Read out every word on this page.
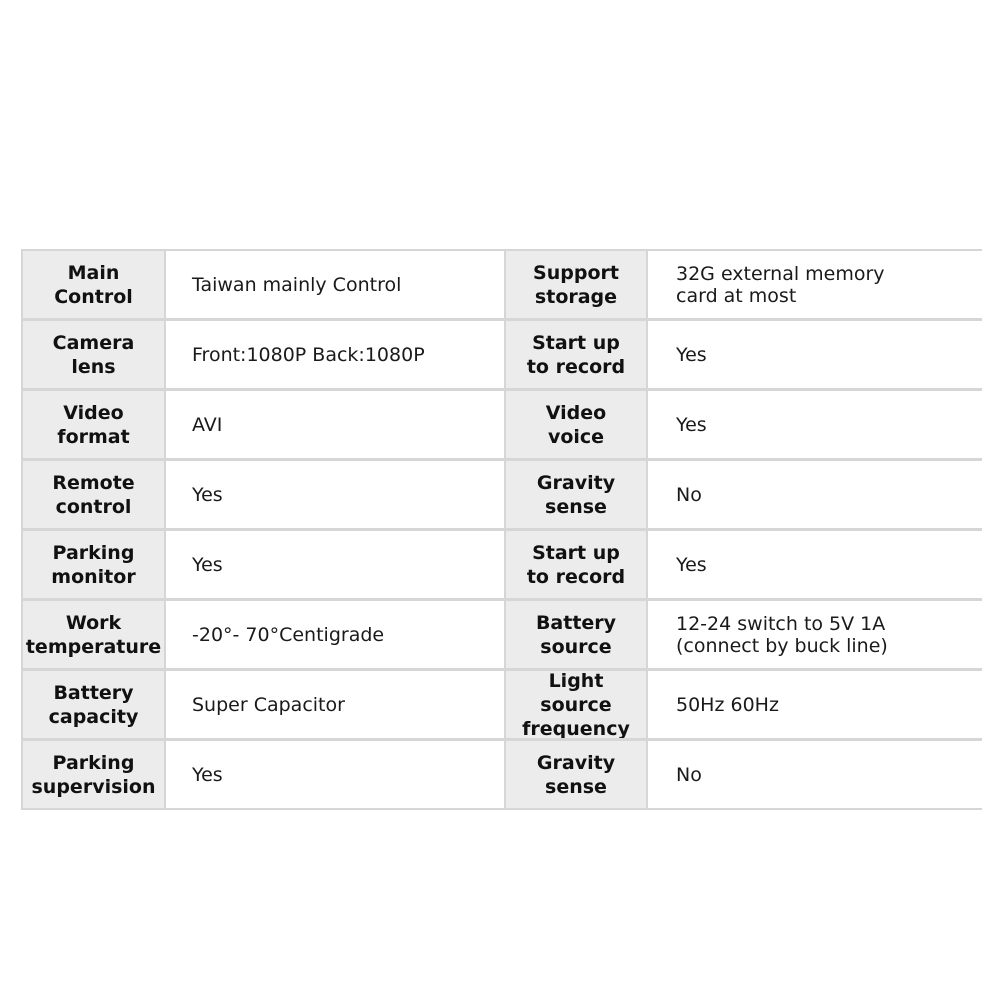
Main
Control
Taiwan mainly Control
Support
storage
32G external memory
card at most
Camera
lens
Front:1080P Back:1080P
Start up
to record
Yes
Video
format
AVI
Video
voice
Yes
Remote
control
Yes
Gravity
sense
No
Parking
monitor
Yes
Start up
to record
Yes
Work
temperature
-20°- 70°Centigrade
Battery
source
12-24 switch to 5V 1A
(connect by buck line)
Battery
capacity
Super Capacitor
Light source
frequency
50Hz 60Hz
Parking
supervision
Yes
Gravity
sense
No
